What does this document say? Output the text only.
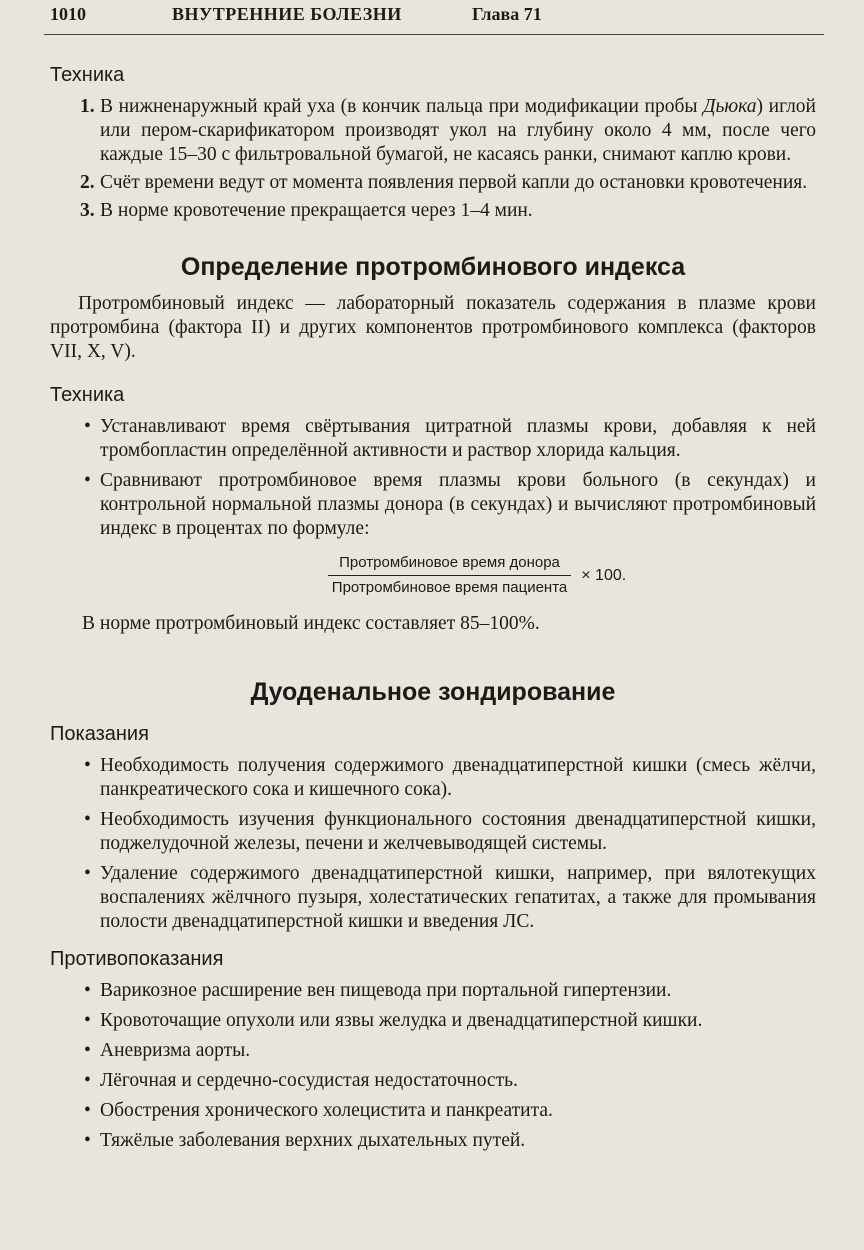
1010	ВНУТРЕННИЕ БОЛЕЗНИ	Глава 71
Техника
1. В нижненаружный край уха (в кончик пальца при модификации пробы Дьюка) иглой или пером-скарификатором производят укол на глубину около 4 мм, после чего каждые 15–30 с фильтровальной бумагой, не касаясь ранки, снимают каплю крови.
2. Счёт времени ведут от момента появления первой капли до остановки кровотечения.
3. В норме кровотечение прекращается через 1–4 мин.
Определение протромбинового индекса

Протромбиновый индекс — лабораторный показатель содержания в плазме крови протромбина (фактора II) и других компонентов протромбинового комплекса (факторов VII, X, V).

Техника
• Устанавливают время свёртывания цитратной плазмы крови, добавляя к ней тромбопластин определённой активности и раствор хлорида кальция.
• Сравнивают протромбиновое время плазмы крови больного (в секундах) и контрольной нормальной плазмы донора (в секундах) и вычисляют протромбиновый индекс в процентах по формуле:
$\frac{\text{Протромбиновое время донора}}{\text{Протромбиновое время пациента}} \times 100$.

В норме протромбиновый индекс составляет 85–100%.

Дуоденальное зондирование
Показания
• Необходимость получения содержимого двенадцатиперстной кишки (смесь жёлчи, панкреатического сока и кишечного сока).
• Необходимость изучения функционального состояния двенадцатиперстной кишки, поджелудочной железы, печени и желчевыводящей системы.
• Удаление содержимого двенадцатиперстной кишки, например, при вялотекущих воспалениях жёлчного пузыря, холестатических гепатитах, а также для промывания полости двенадцатиперстной кишки и введения ЛС.
Противопоказания
• Варикозное расширение вен пищевода при портальной гипертензии.
• Кровоточащие опухоли или язвы желудка и двенадцатиперстной кишки.
• Аневризма аорты.
• Лёгочная и сердечно-сосудистая недостаточность.
• Обострения хронического холецистита и панкреатита.
• Тяжёлые заболевания верхних дыхательных путей.
